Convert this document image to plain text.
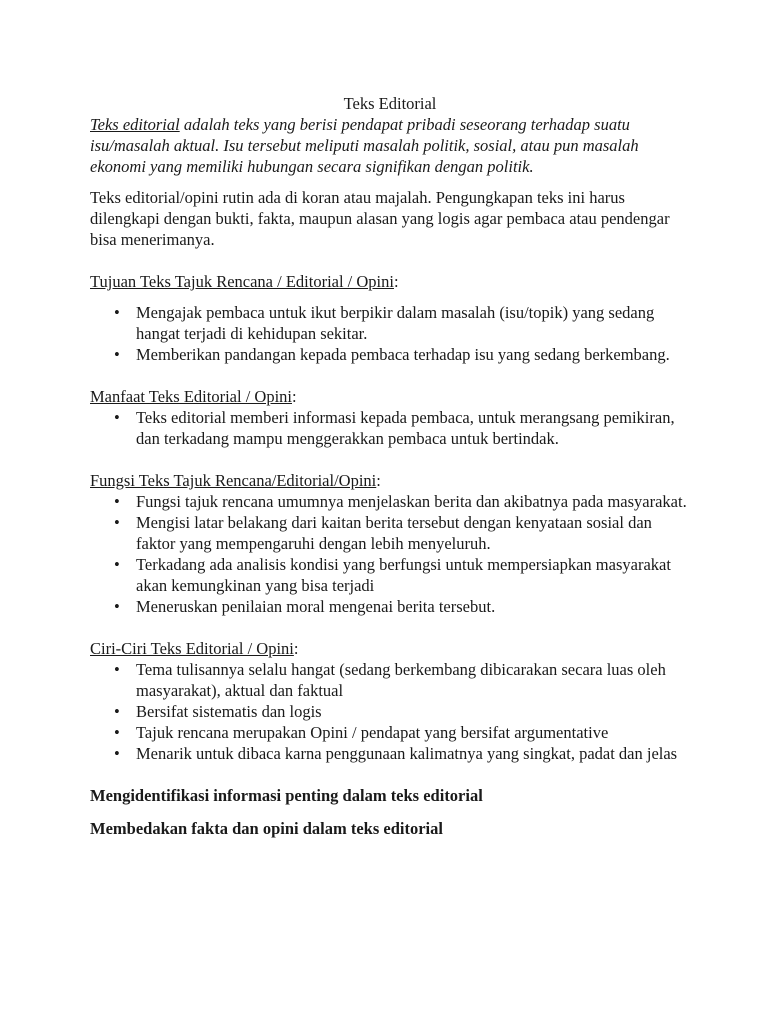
Teks Editorial

Teks editorial adalah teks yang berisi pendapat pribadi seseorang terhadap suatu isu/masalah aktual. Isu tersebut meliputi masalah politik, sosial, atau pun masalah ekonomi yang memiliki hubungan secara signifikan dengan politik.

Teks editorial/opini rutin ada di koran atau majalah. Pengungkapan teks ini harus dilengkapi dengan bukti, fakta, maupun alasan yang logis agar pembaca atau pendengar bisa menerimanya.

Tujuan Teks Tajuk Rencana / Editorial / Opini:

• Mengajak pembaca untuk ikut berpikir dalam masalah (isu/topik) yang sedang hangat terjadi di kehidupan sekitar.
• Memberikan pandangan kepada pembaca terhadap isu yang sedang berkembang.

Manfaat Teks Editorial / Opini:

• Teks editorial memberi informasi kepada pembaca, untuk merangsang pemikiran, dan terkadang mampu menggerakkan pembaca untuk bertindak.

Fungsi Teks Tajuk Rencana/Editorial/Opini:

• Fungsi tajuk rencana umumnya menjelaskan berita dan akibatnya pada masyarakat.
• Mengisi latar belakang dari kaitan berita tersebut dengan kenyataan sosial dan faktor yang mempengaruhi dengan lebih menyeluruh.
• Terkadang ada analisis kondisi yang berfungsi untuk mempersiapkan masyarakat akan kemungkinan yang bisa terjadi
• Meneruskan penilaian moral mengenai berita tersebut.

Ciri-Ciri Teks Editorial / Opini:

• Tema tulisannya selalu hangat (sedang berkembang dibicarakan secara luas oleh masyarakat), aktual dan faktual
• Bersifat sistematis dan logis
• Tajuk rencana merupakan Opini / pendapat yang bersifat argumentative
• Menarik untuk dibaca karna penggunaan kalimatnya yang singkat, padat dan jelas

Mengidentifikasi informasi penting dalam teks editorial

Membedakan fakta dan opini dalam teks editorial
